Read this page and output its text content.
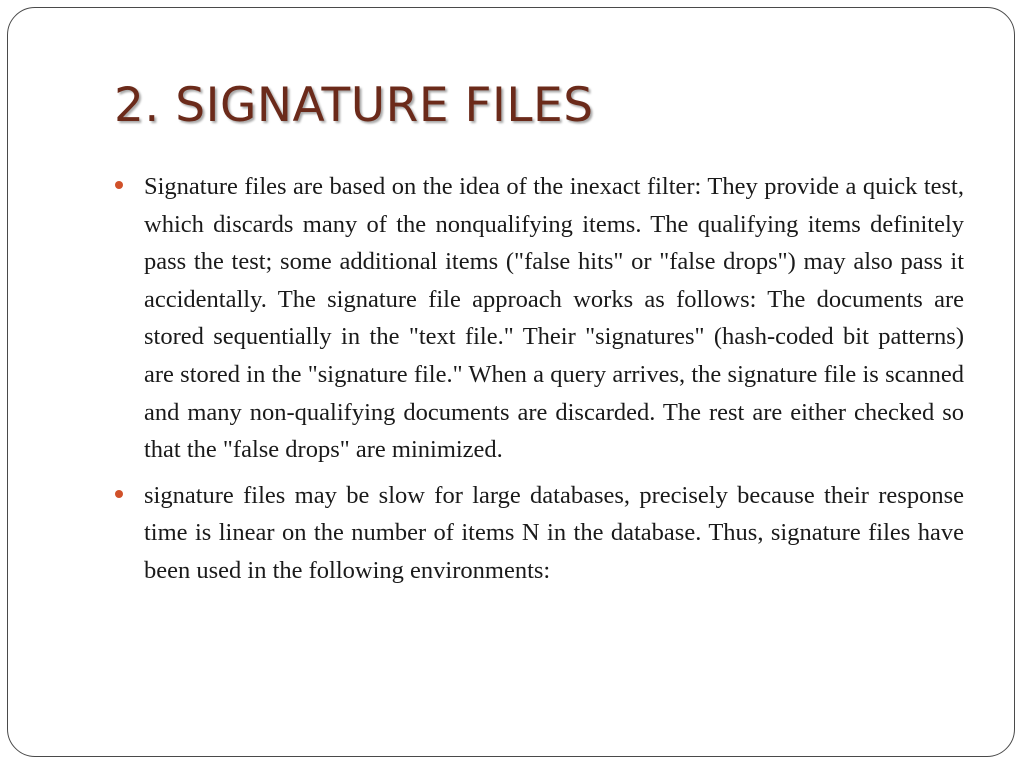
2. SIGNATURE FILES
Signature files are based on the idea of the inexact filter: They provide a quick test, which discards many of the nonqualifying items. The qualifying items definitely pass the test; some additional items ("false hits" or "false drops") may also pass it accidentally. The signature file approach works as follows: The documents are stored sequentially in the "text file." Their "signatures" (hash-coded bit patterns) are stored in the "signature file." When a query arrives, the signature file is scanned and many non-qualifying documents are discarded. The rest are either checked so that the "false drops" are minimized.
signature files may be slow for large databases, precisely because their response time is linear on the number of items N in the database. Thus, signature files have been used in the following environments:
